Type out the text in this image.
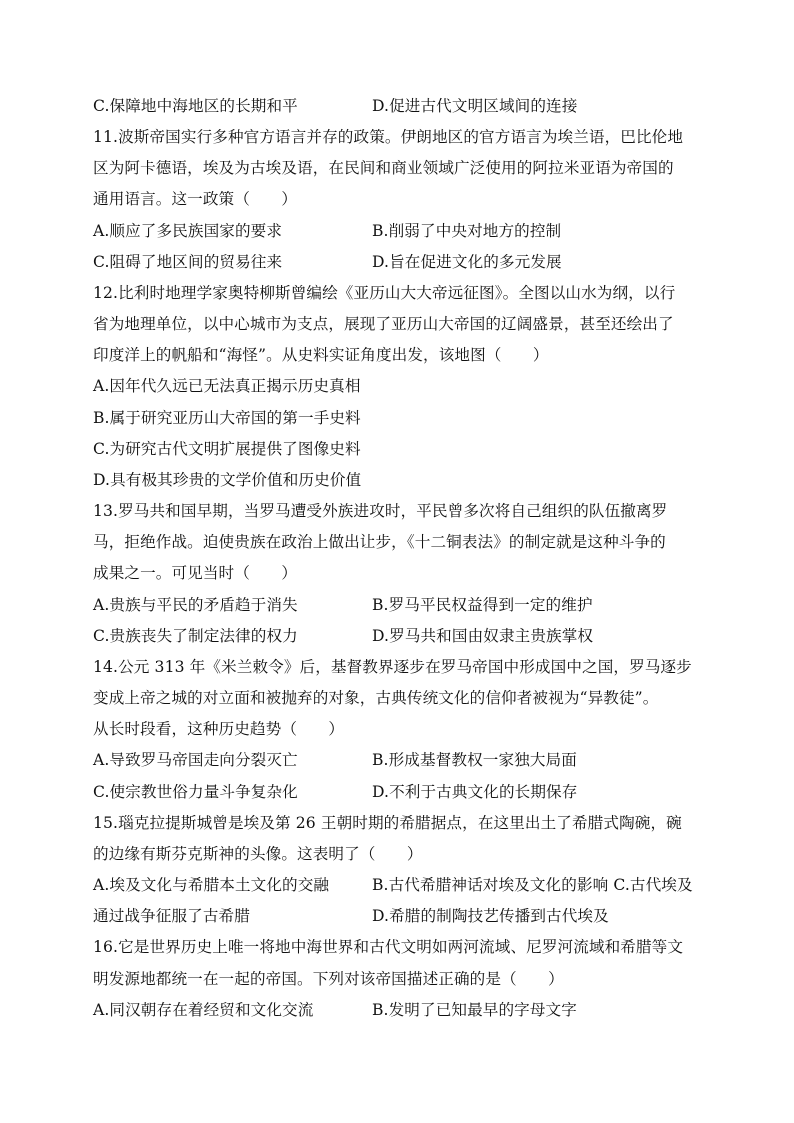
C.保障地中海地区的长期和平	D.促进古代文明区域间的连接
11.波斯帝国实行多种官方语言并存的政策。伊朗地区的官方语言为埃兰语，巴比伦地
区为阿卡德语，埃及为古埃及语，在民间和商业领域广泛使用的阿拉米亚语为帝国的
通用语言。这一政策（　　）
A.顺应了多民族国家的要求	B.削弱了中央对地方的控制
C.阻碍了地区间的贸易往来	D.旨在促进文化的多元发展
12.比利时地理学家奥特柳斯曾编绘《亚历山大大帝远征图》。全图以山水为纲，以行
省为地理单位，以中心城市为支点，展现了亚历山大帝国的辽阔盛景，甚至还绘出了
印度洋上的帆船和“海怪”。从史料实证角度出发，该地图（　　）
A.因年代久远已无法真正揭示历史真相
B.属于研究亚历山大帝国的第一手史料
C.为研究古代文明扩展提供了图像史料
D.具有极其珍贵的文学价值和历史价值
13.罗马共和国早期，当罗马遭受外族进攻时，平民曾多次将自己组织的队伍撤离罗
马，拒绝作战。迫使贵族在政治上做出让步，《十二铜表法》的制定就是这种斗争的
成果之一。可见当时（　　）
A.贵族与平民的矛盾趋于消失	B.罗马平民权益得到一定的维护
C.贵族丧失了制定法律的权力	D.罗马共和国由奴隶主贵族掌权
14.公元 313 年《米兰敕令》后，基督教界逐步在罗马帝国中形成国中之国，罗马逐步
变成上帝之城的对立面和被抛弃的对象，古典传统文化的信仰者被视为“异教徒”。
从长时段看，这种历史趋势（　　）
A.导致罗马帝国走向分裂灭亡	B.形成基督教权一家独大局面
C.使宗教世俗力量斗争复杂化	D.不利于古典文化的长期保存
15.瑙克拉提斯城曾是埃及第 26 王朝时期的希腊据点，在这里出土了希腊式陶碗，碗
的边缘有斯芬克斯神的头像。这表明了（　　）
A.埃及文化与希腊本土文化的交融	B.古代希腊神话对埃及文化的影响 C.古代埃及
通过战争征服了古希腊	D.希腊的制陶技艺传播到古代埃及
16.它是世界历史上唯一将地中海世界和古代文明如两河流域、尼罗河流域和希腊等文
明发源地都统一在一起的帝国。下列对该帝国描述正确的是（　　）
A.同汉朝存在着经贸和文化交流	B.发明了已知最早的字母文字
